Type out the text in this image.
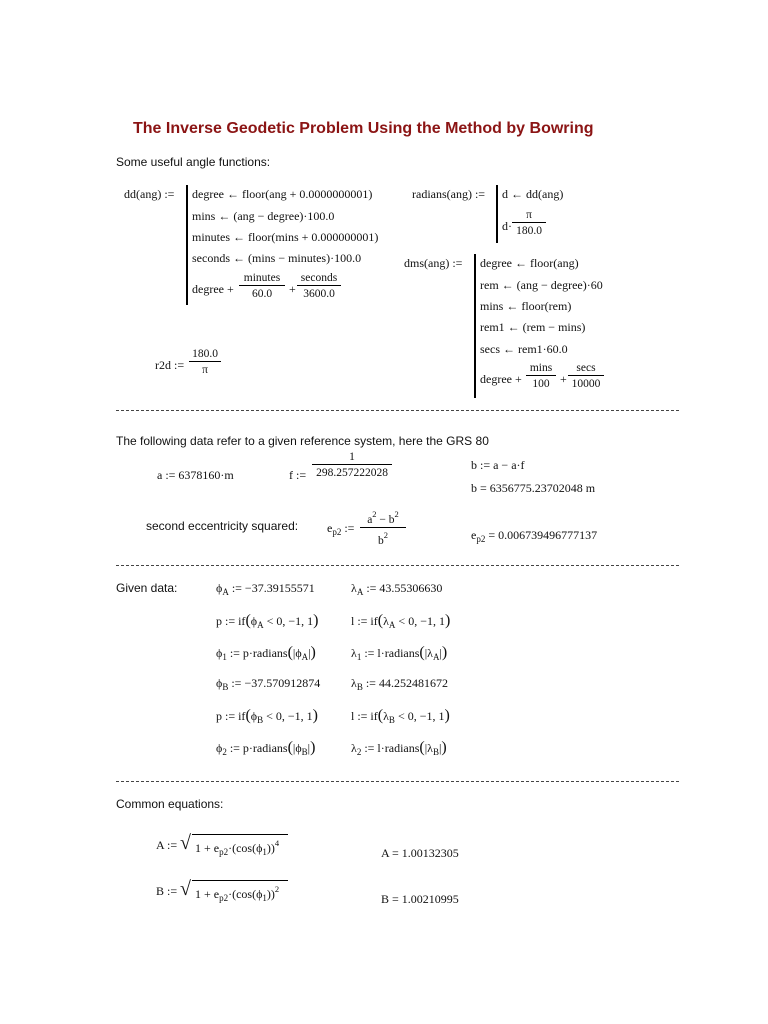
The Inverse Geodetic Problem Using the Method by Bowring
Some useful angle functions:
dd(ang) := degree ← floor(ang + 0.0000000001)
mins ← (ang − degree)·100.0
minutes ← floor(mins + 0.000000001)
seconds ← (mins − minutes)·100.0
degree +
minutes
60.0	+
seconds
3600.0
radians(ang) := d ← dd(ang)
$d\cdot \frac{\pi}{180.0}$
dms(ang) := degree ← floor(ang)
rem ← (ang − degree)·60
mins ← floor(rem)
rem1 ← (rem − mins)
secs ← rem1·60.0
degree +
mins
100 +
secs
10000
r2d := $\frac{180.0}{\pi}$
The following data refer to a given reference system, here the GRS 80
a := 6378160·m	f := $\frac{1}{298.257222028}$	b := a − a·f
b = 6356775.23702048 m
second eccentricity squared: $e_{p2}$ := $\frac{a^2 - b^2}{b^2}$	$e_{p2} = 0.006739496777137$
Given data:	$\phi_A$ := −37.39155571	$\lambda_A$ := 43.55306630
p := $if(\phi_A < 0$, −1, 1)	l := $if(\lambda_A < 0$, −1, 1)
$\phi_1$ := $p\cdot radians(|\phi_A|)$	$\lambda_1$ := $l\cdot radians(|\lambda_A|)$
$\phi_B$ := −37.570912874	$\lambda_B$ := 44.252481672
p := $if(\phi_B < 0$, −1, 1)	l := $if(\lambda_B < 0$, −1, 1)
$\phi_2$ := $p\cdot radians(|\phi_B|)$	$\lambda_2$ := $l\cdot radians(|\lambda_B|)$
Common equations:
A := √ $1 + e_{p2}\cdot(\cos(\phi_1))^4$
A = 1.00132305
B := √ $1 + e_{p2}\cdot(\cos(\phi_1))^2$
B = 1.00210995
